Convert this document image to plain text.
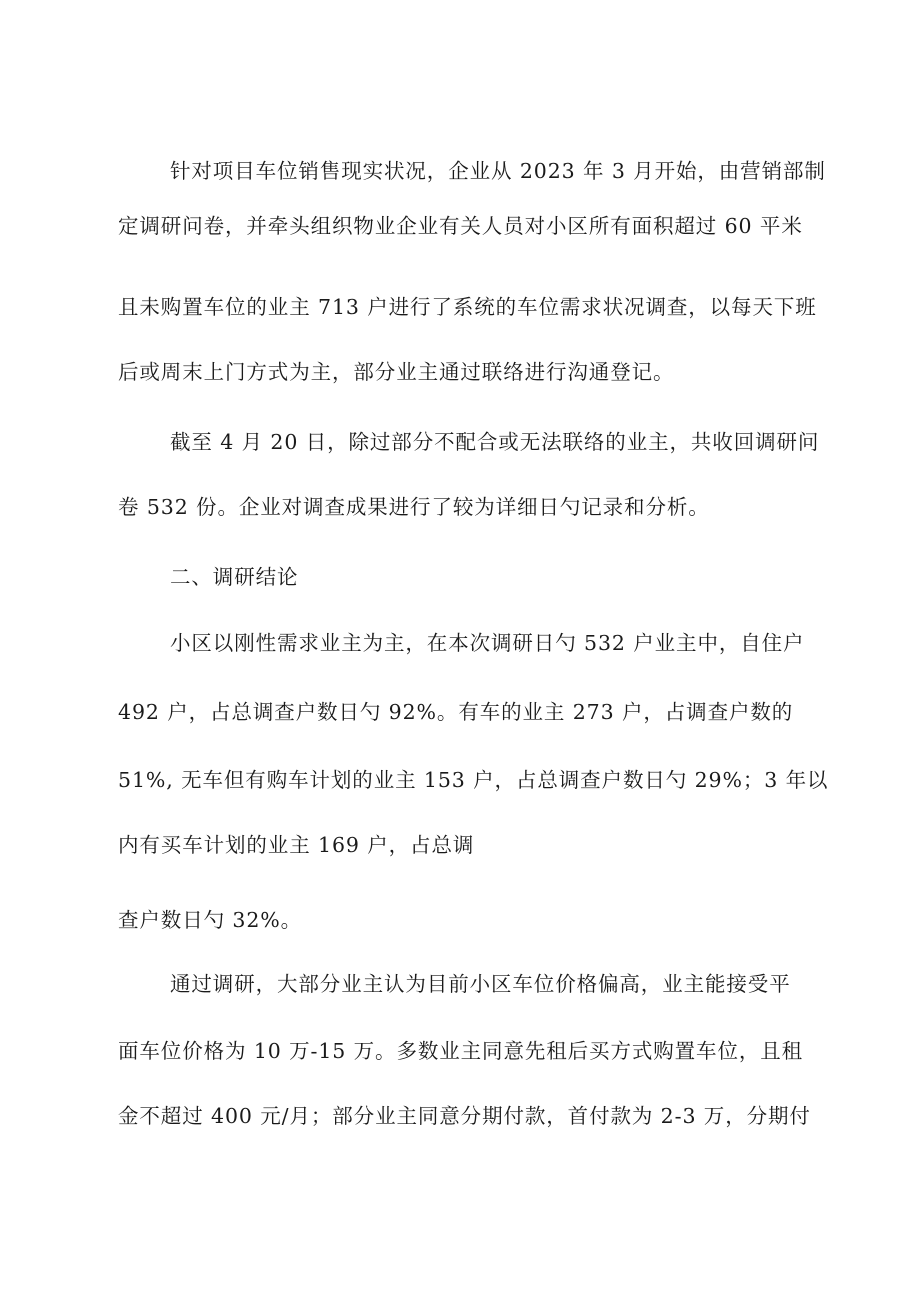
针对项目车位销售现实状况，企业从 2023 年 3 月开始，由营销部制
定调研问卷，并牵头组织物业企业有关人员对小区所有面积超过 60 平米
且未购置车位的业主 713 户进行了系统的车位需求状况调查，以每天下班
后或周末上门方式为主，部分业主通过联络进行沟通登记。
截至 4 月 20 日，除过部分不配合或无法联络的业主，共收回调研问
卷 532 份。企业对调查成果进行了较为详细日勺记录和分析。
二、调研结论
小区以刚性需求业主为主，在本次调研日勺 532 户业主中，自住户
492 户，占总调查户数日勺 92%。有车的业主 273 户，占调查户数的
51%, 无车但有购车计划的业主 153 户，占总调查户数日勺 29%；3 年以
内有买车计划的业主 169 户，占总调
查户数日勺 32%。
通过调研，大部分业主认为目前小区车位价格偏高，业主能接受平
面车位价格为 10 万-15 万。多数业主同意先租后买方式购置车位，且租
金不超过 400 元/月；部分业主同意分期付款，首付款为 2-3 万，分期付
